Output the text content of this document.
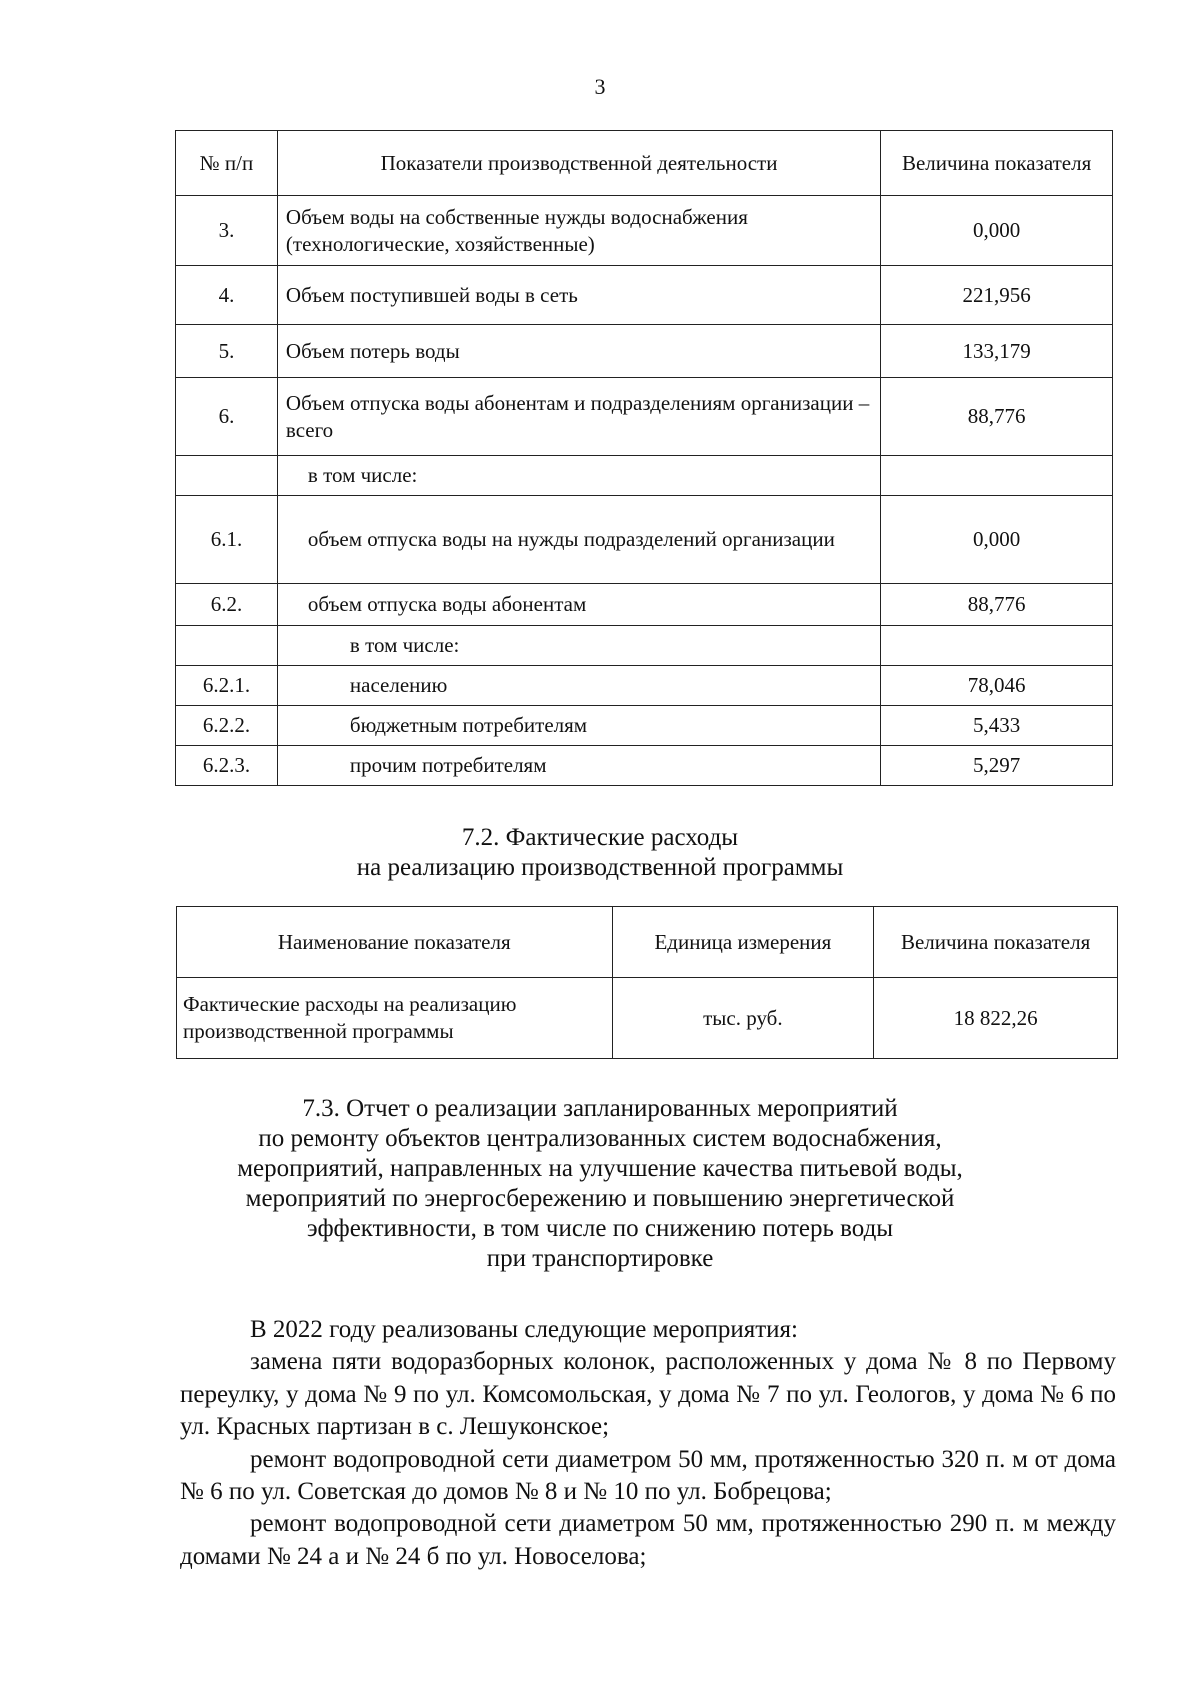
3
№ п/п	Показатели производственной деятельности	Величина показателя
3.	Объем воды на собственные нужды водоснабжения (технологические, хозяйственные)	0,000
4.	Объем поступившей воды в сеть	221,956
5.	Объем потерь воды	133,179
6.	Объем отпуска воды абонентам и подразделениям организации – всего	88,776
	в том числе:	
6.1.	объем отпуска воды на нужды подразделений организации	0,000
6.2.	объем отпуска воды абонентам	88,776
	в том числе:	
6.2.1.	населению	78,046
6.2.2.	бюджетным потребителям	5,433
6.2.3.	прочим потребителям	5,297
7.2. Фактические расходы
на реализацию производственной программы
Наименование показателя	Единица измерения	Величина показателя
Фактические расходы на реализацию производственной программы	тыс. руб.	18 822,26
7.3. Отчет о реализации запланированных мероприятий
по ремонту объектов централизованных систем водоснабжения,
мероприятий, направленных на улучшение качества питьевой воды,
мероприятий по энергосбережению и повышению энергетической
эффективности, в том числе по снижению потерь воды
при транспортировке

В 2022 году реализованы следующие мероприятия:

замена пяти водоразборных колонок, расположенных у дома № 8 по Первому переулку, у дома № 9 по ул. Комсомольская, у дома № 7 по ул. Геологов, у дома № 6 по ул. Красных партизан в с. Лешуконское;

ремонт водопроводной сети диаметром 50 мм, протяженностью 320 п. м от дома № 6 по ул. Советская до домов № 8 и № 10 по ул. Бобрецова;

ремонт водопроводной сети диаметром 50 мм, протяженностью 290 п. м между домами № 24 а и № 24 б по ул. Новоселова;
